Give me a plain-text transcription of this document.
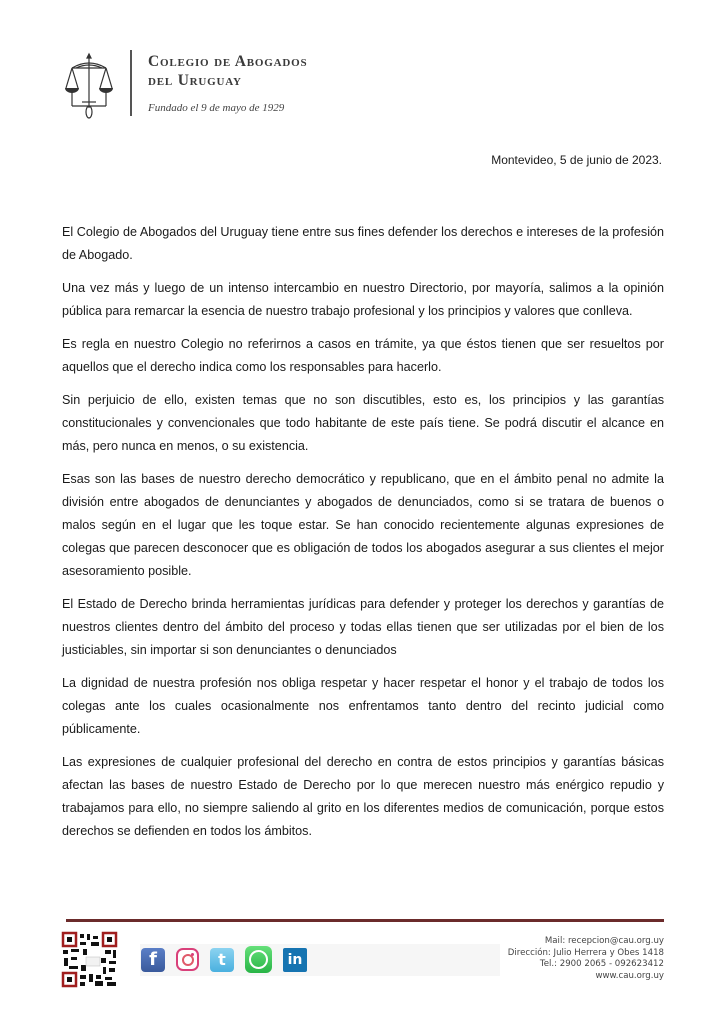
Colegio de Abogados
del Uruguay
Fundado el 9 de mayo de 1929
Montevideo, 5 de junio de 2023.

El Colegio de Abogados del Uruguay tiene entre sus fines defender los derechos e intereses de la profesión de Abogado.

Una vez más y luego de un intenso intercambio en nuestro Directorio, por mayoría, salimos a la opinión pública para remarcar la esencia de nuestro trabajo profesional y los principios y valores que conlleva.

Es regla en nuestro Colegio no referirnos a casos en trámite, ya que éstos tienen que ser resueltos por aquellos que el derecho indica como los responsables para hacerlo.

Sin perjuicio de ello, existen temas que no son discutibles, esto es, los principios y las garantías constitucionales y convencionales que todo habitante de este país tiene. Se podrá discutir el alcance en más, pero nunca en menos, o su existencia.

Esas son las bases de nuestro derecho democrático y republicano, que en el ámbito penal no admite la división entre abogados de denunciantes y abogados de denunciados, como si se tratara de buenos o malos según en el lugar que les toque estar. Se han conocido recientemente algunas expresiones de colegas que parecen desconocer que es obligación de todos los abogados asegurar a sus clientes el mejor asesoramiento posible.

El Estado de Derecho brinda herramientas jurídicas para defender y proteger los derechos y garantías de nuestros clientes dentro del ámbito del proceso y todas ellas tienen que ser utilizadas por el bien de los justiciables, sin importar si son denunciantes o denunciados

La dignidad de nuestra profesión nos obliga respetar y hacer respetar el honor y el trabajo de todos los colegas ante los cuales ocasionalmente nos enfrentamos tanto dentro del recinto judicial como públicamente.

Las expresiones de cualquier profesional del derecho en contra de estos principios y garantías básicas afectan las bases de nuestro Estado de Derecho por lo que merecen nuestro más enérgico repudio y trabajamos para ello, no siempre saliendo al grito en los diferentes medios de comunicación, porque estos derechos se defienden en todos los ámbitos.

f	t	in
Mail: recepcion@cau.org.uy
Dirección: Julio Herrera y Obes 1418
Tel.: 2900 2065 - 092623412
www.cau.org.uy
